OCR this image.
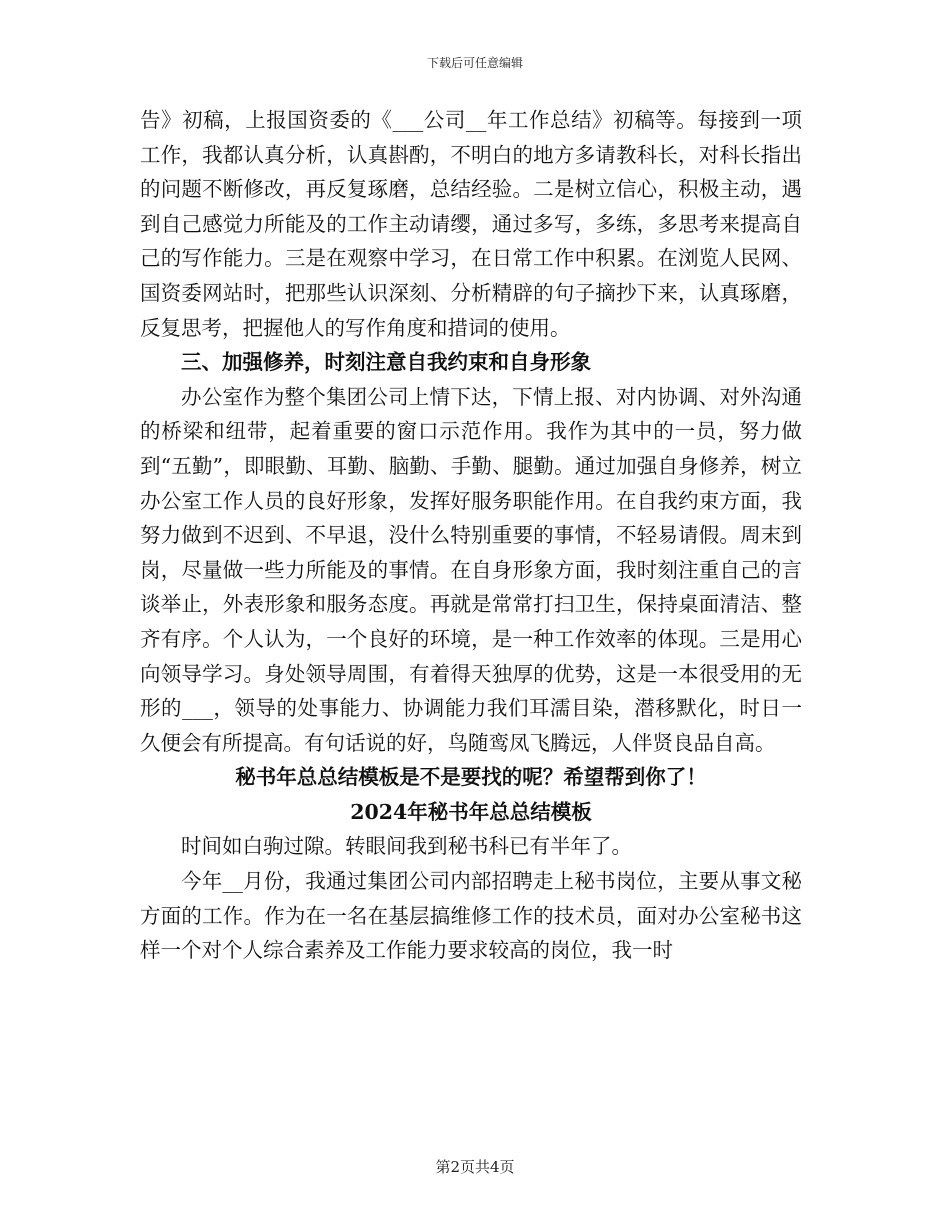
下载后可任意编辑

告》初稿，上报国资委的《___公司__年工作总结》初稿等。每接到一项工作，我都认真分析，认真斟酌，不明白的地方多请教科长，对科长指出的问题不断修改，再反复琢磨，总结经验。二是树立信心，积极主动，遇到自己感觉力所能及的工作主动请缨，通过多写，多练，多思考来提高自己的写作能力。三是在观察中学习，在日常工作中积累。在浏览人民网、国资委网站时，把那些认识深刻、分析精辟的句子摘抄下来，认真琢磨，反复思考，把握他人的写作角度和措词的使用。

三、加强修养，时刻注意自我约束和自身形象

办公室作为整个集团公司上情下达，下情上报、对内协调、对外沟通的桥梁和纽带，起着重要的窗口示范作用。我作为其中的一员，努力做到“五勤”，即眼勤、耳勤、脑勤、手勤、腿勤。通过加强自身修养，树立办公室工作人员的良好形象，发挥好服务职能作用。在自我约束方面，我努力做到不迟到、不早退，没什么特别重要的事情，不轻易请假。周末到岗，尽量做一些力所能及的事情。在自身形象方面，我时刻注重自己的言谈举止，外表形象和服务态度。再就是常常打扫卫生，保持桌面清洁、整齐有序。个人认为，一个良好的环境，是一种工作效率的体现。三是用心向领导学习。身处领导周围，有着得天独厚的优势，这是一本很受用的无形的___，领导的处事能力、协调能力我们耳濡目染，潜移默化，时日一久便会有所提高。有句话说的好，鸟随鸾凤飞腾远，人伴贤良品自高。

秘书年总总结模板是不是要找的呢？希望帮到你了！

2024年秘书年总总结模板

时间如白驹过隙。转眼间我到秘书科已有半年了。

今年__月份，我通过集团公司内部招聘走上秘书岗位，主要从事文秘方面的工作。作为在一名在基层搞维修工作的技术员，面对办公室秘书这样一个对个人综合素养及工作能力要求较高的岗位，我一时

第2页共4页
